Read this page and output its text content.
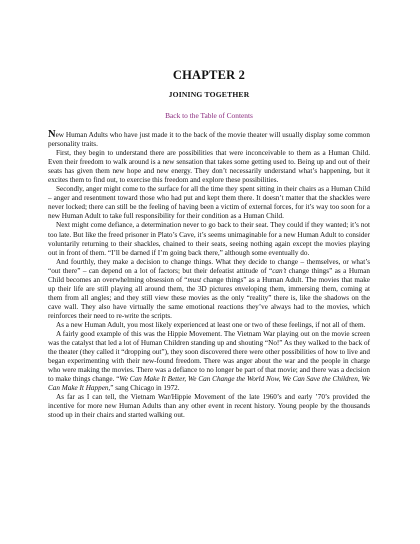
CHAPTER 2
JOINING TOGETHER
Back to the Table of Contents

New Human Adults who have just made it to the back of the movie theater will usually display some common personality traits.

First, they begin to understand there are possibilities that were inconceivable to them as a Human Child. Even their freedom to walk around is a new sensation that takes some getting used to. Being up and out of their seats has given them new hope and new energy. They don’t necessarily understand what’s happening, but it excites them to find out, to exercise this freedom and explore these possibilities.

Secondly, anger might come to the surface for all the time they spent sitting in their chairs as a Human Child – anger and resentment toward those who had put and kept them there. It doesn’t matter that the shackles were never locked; there can still be the feeling of having been a victim of external forces, for it’s way too soon for a new Human Adult to take full responsibility for their condition as a Human Child.

Next might come defiance, a determination never to go back to their seat. They could if they wanted; it’s not too late. But like the freed prisoner in Plato’s Cave, it’s seems unimaginable for a new Human Adult to consider voluntarily returning to their shackles, chained to their seats, seeing nothing again except the movies playing out in front of them. “I’ll be darned if I’m going back there,” although some eventually do.

And fourthly, they make a decision to change things. What they decide to change – themselves, or what’s “out there” – can depend on a lot of factors; but their defeatist attitude of “can’t change things” as a Human Child becomes an overwhelming obsession of “must change things” as a Human Adult. The movies that make up their life are still playing all around them, the 3D pictures enveloping them, immersing them, coming at them from all angles; and they still view these movies as the only “reality” there is, like the shadows on the cave wall. They also have virtually the same emotional reactions they’ve always had to the movies, which reinforces their need to re-write the scripts.

As a new Human Adult, you most likely experienced at least one or two of these feelings, if not all of them.

A fairly good example of this was the Hippie Movement. The Vietnam War playing out on the movie screen was the catalyst that led a lot of Human Children standing up and shouting “No!” As they walked to the back of the theater (they called it “dropping out”), they soon discovered there were other possibilities of how to live and began experimenting with their new-found freedom. There was anger about the war and the people in charge who were making the movies. There was a defiance to no longer be part of that movie; and there was a decision to make things change. “We Can Make It Better, We Can Change the World Now, We Can Save the Children, We Can Make It Happen,” sang Chicago in 1972.

As far as I can tell, the Vietnam War/Hippie Movement of the late 1960’s and early ’70’s provided the incentive for more new Human Adults than any other event in recent history. Young people by the thousands stood up in their chairs and started walking out.
